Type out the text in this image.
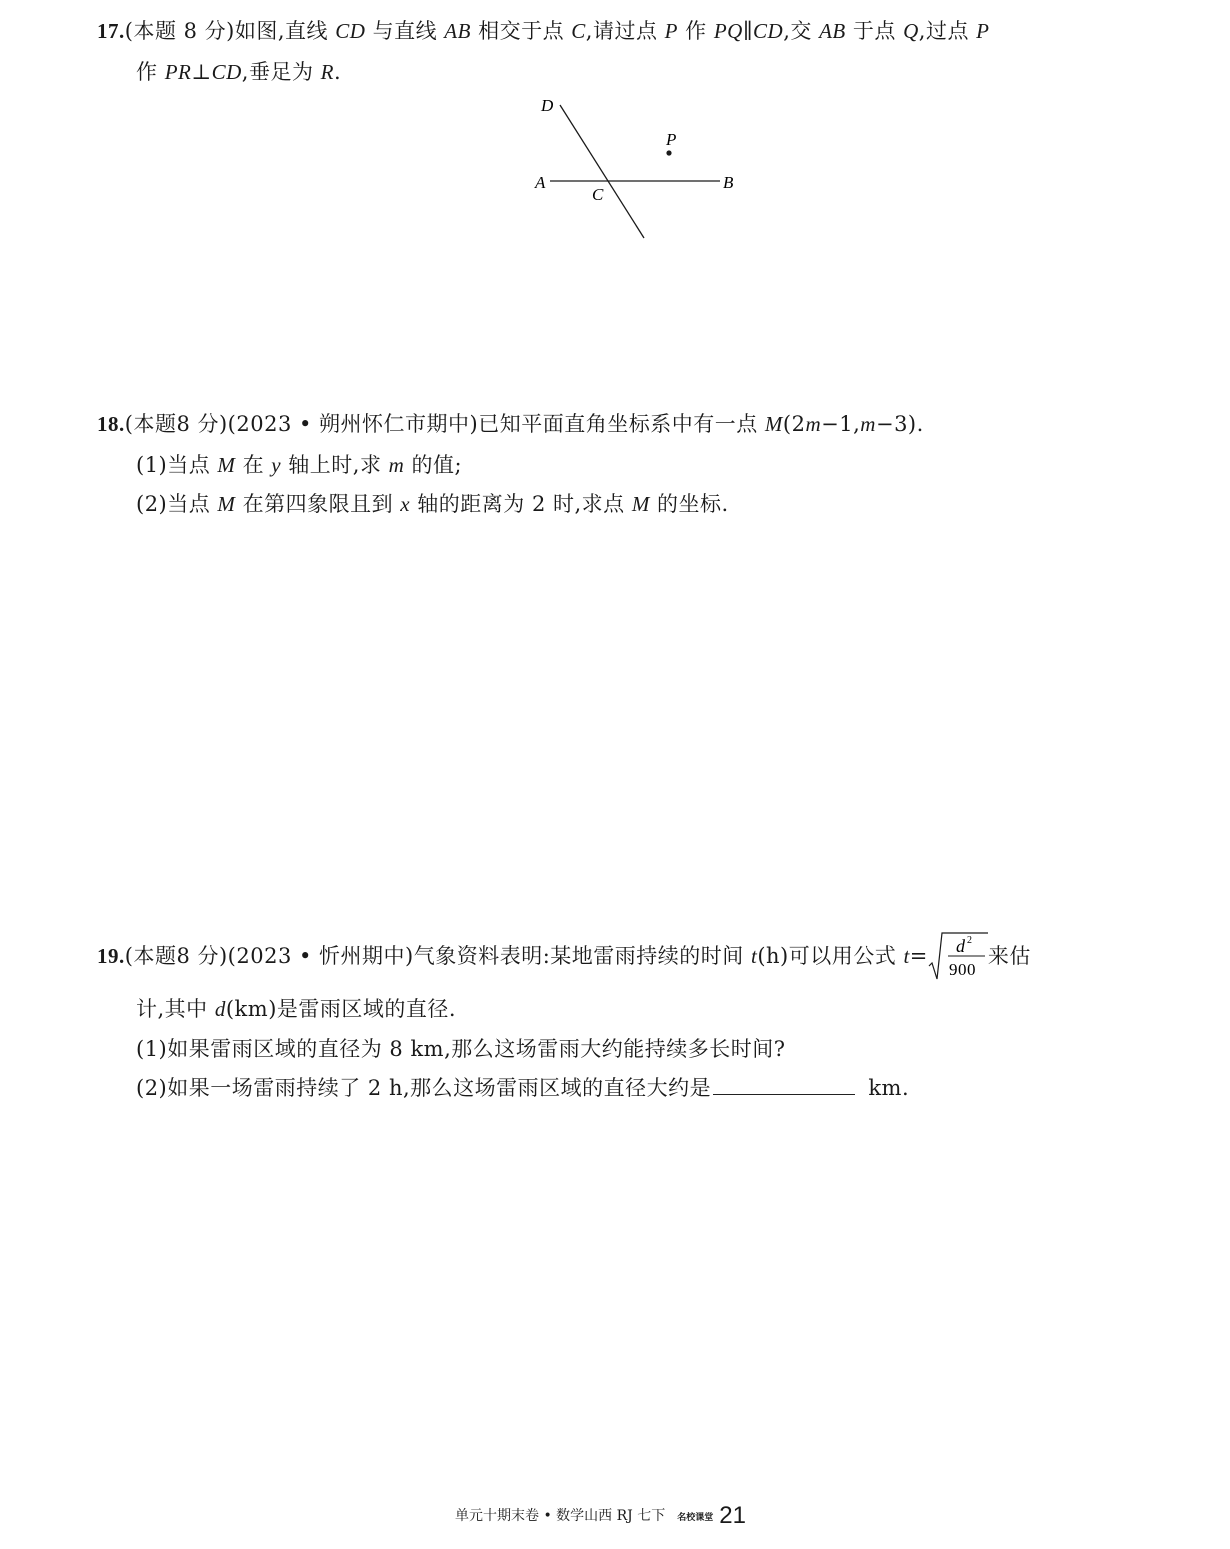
17.(本题 8 分)如图,直线 CD 与直线 AB 相交于点 C,请过点 P 作 PQ∥CD,交 AB 于点 Q,过点 P
作 PR⊥CD,垂足为 R.
D
P
A
C
B
18.(本题8 分)(2023 • 朔州怀仁市期中)已知平面直角坐标系中有一点 M(2m−1,m−3).
(1)当点 M 在 y 轴上时,求 m 的值;
(2)当点 M 在第四象限且到 x 轴的距离为 2 时,求点 M 的坐标.
19.(本题8 分)(2023 • 忻州期中)气象资料表明:某地雷雨持续的时间 t(h)可以用公式 t= d 2
900
来估
计,其中 d(km)是雷雨区域的直径.
(1)如果雷雨区域的直径为 8 km,那么这场雷雨大约能持续多长时间?
(2)如果一场雷雨持续了 2 h,那么这场雷雨区域的直径大约是	km.
单元十期末卷 • 数学山西 RJ 七下 名校课堂 21
